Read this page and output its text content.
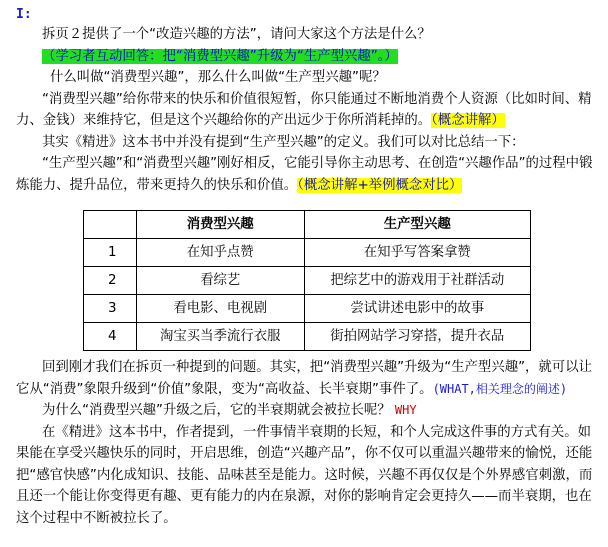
I:

拆页２提供了一个“改造兴趣的方法”，请问大家这个方法是什么？

（学习者互动回答：把“消费型兴趣”升级为“生产型兴趣”。）

什么叫做“消费型兴趣”，那么什么叫做“生产型兴趣”呢？

“消费型兴趣”给你带来的快乐和价值很短暂，你只能通过不断地消费个人资源（比如时间、精力、金钱）来维持它，但是这个兴趣给你的产出远少于你所消耗掉的。（概念讲解）

其实《精进》这本书中并没有提到“生产型兴趣”的定义。我们可以对比总结一下：

“生产型兴趣”和“消费型兴趣”刚好相反，它能引导你主动思考、在创造“兴趣作品”的过程中锻炼能力、提升品位，带来更持久的快乐和价值。（概念讲解+举例概念对比）

	消费型兴趣	生产型兴趣
1	在知乎点赞	在知乎写答案拿赞
2	看综艺	把综艺中的游戏用于社群活动
3	看电影、电视剧	尝试讲述电影中的故事
4	淘宝买当季流行衣服	街拍网站学习穿搭，提升衣品

回到刚才我们在拆页一种提到的问题。其实，把“消费型兴趣”升级为“生产型兴趣”，就可以让它从“消费”象限升级到“价值”象限，变为“高收益、长半衰期”事件了。(WHAT,相关理念的阐述)

为什么“消费型兴趣”升级之后，它的半衰期就会被拉长呢？ WHY

在《精进》这本书中，作者提到，一件事情半衰期的长短，和个人完成这件事的方式有关。如果能在享受兴趣快乐的同时，开启思维，创造“兴趣产品”，你不仅可以重温兴趣带来的愉悦，还能把“感官快感”内化成知识、技能、品味甚至是能力。这时候，兴趣不再仅仅是个外界感官刺激，而且还一个能让你变得更有趣、更有能力的内在泉源，对你的影响肯定会更持久——而半衰期，也在这个过程中不断被拉长了。
